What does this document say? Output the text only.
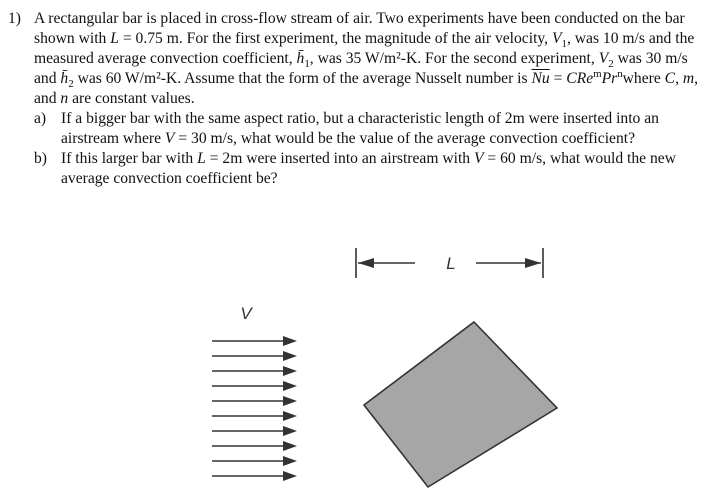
1) A rectangular bar is placed in cross-flow stream of air. Two experiments have been conducted on the bar shown with L = 0.75 m. For the first experiment, the magnitude of the air velocity, $V_1$, was 10 m/s and the measured average convection coefficient, $h̄_1$, was 35 W/m²-K. For the second experiment, $V_2$ was 30 m/s and $h̄_2$ was 60 W/m²-K. Assume that the form of the average Nusselt number is $\overline{Nu}$ = $CRe^mPr^nwhere$ C, m, and n are constant values.
a) If a bigger bar with the same aspect ratio, but a characteristic length of 2m were inserted into an airstream where V = 30 m/s, what would be the value of the average convection coefficient?
b) If this larger bar with L = 2m were inserted into an airstream with V = 60 m/s, what would the new average convection coefficient be?
L
V
